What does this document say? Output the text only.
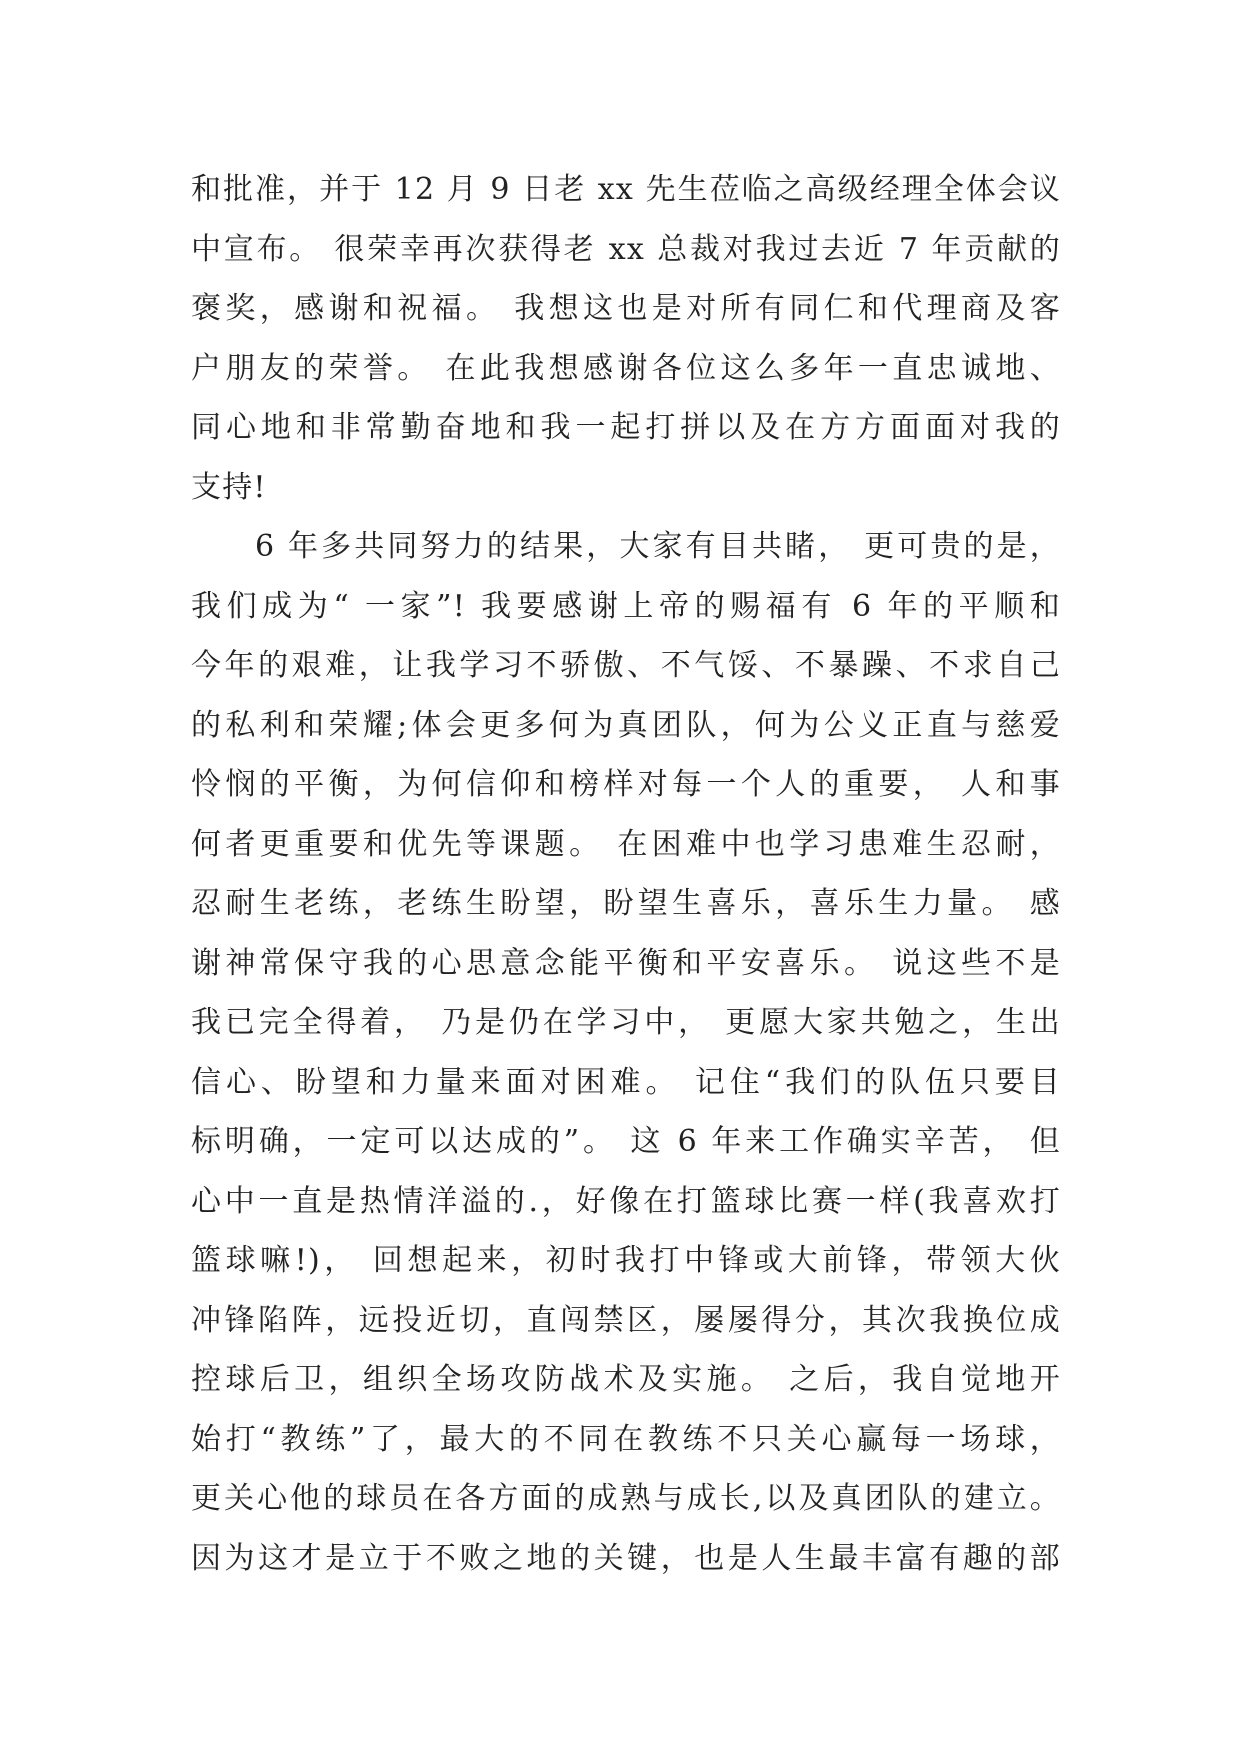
和批准，并于 12 月 9 日老 xx 先生莅临之高级经理全体会议
中宣布。 很荣幸再次获得老 xx 总裁对我过去近 7 年贡献的
褒奖，感谢和祝福。 我想这也是对所有同仁和代理商及客
户朋友的荣誉。 在此我想感谢各位这么多年一直忠诚地、
同心地和非常勤奋地和我一起打拼以及在方方面面对我的
支持!
6 年多共同努力的结果，大家有目共睹， 更可贵的是，
我们成为“ 一家”! 我要感谢上帝的赐福有 6 年的平顺和
今年的艰难，让我学习不骄傲、不气馁、不暴躁、不求自己
的私利和荣耀;体会更多何为真团队，何为公义正直与慈爱
怜悯的平衡，为何信仰和榜样对每一个人的重要， 人和事
何者更重要和优先等课题。 在困难中也学习患难生忍耐，
忍耐生老练，老练生盼望，盼望生喜乐，喜乐生力量。 感
谢神常保守我的心思意念能平衡和平安喜乐。 说这些不是
我已完全得着， 乃是仍在学习中， 更愿大家共勉之，生出
信心、盼望和力量来面对困难。 记住“我们的队伍只要目
标明确，一定可以达成的”。 这 6 年来工作确实辛苦， 但
心中一直是热情洋溢的.，好像在打篮球比赛一样(我喜欢打
篮球嘛!)， 回想起来，初时我打中锋或大前锋，带领大伙
冲锋陷阵，远投近切，直闯禁区，屡屡得分，其次我换位成
控球后卫，组织全场攻防战术及实施。 之后，我自觉地开
始打“教练”了，最大的不同在教练不只关心赢每一场球，
更关心他的球员在各方面的成熟与成长,以及真团队的建立。
因为这才是立于不败之地的关键，也是人生最丰富有趣的部
